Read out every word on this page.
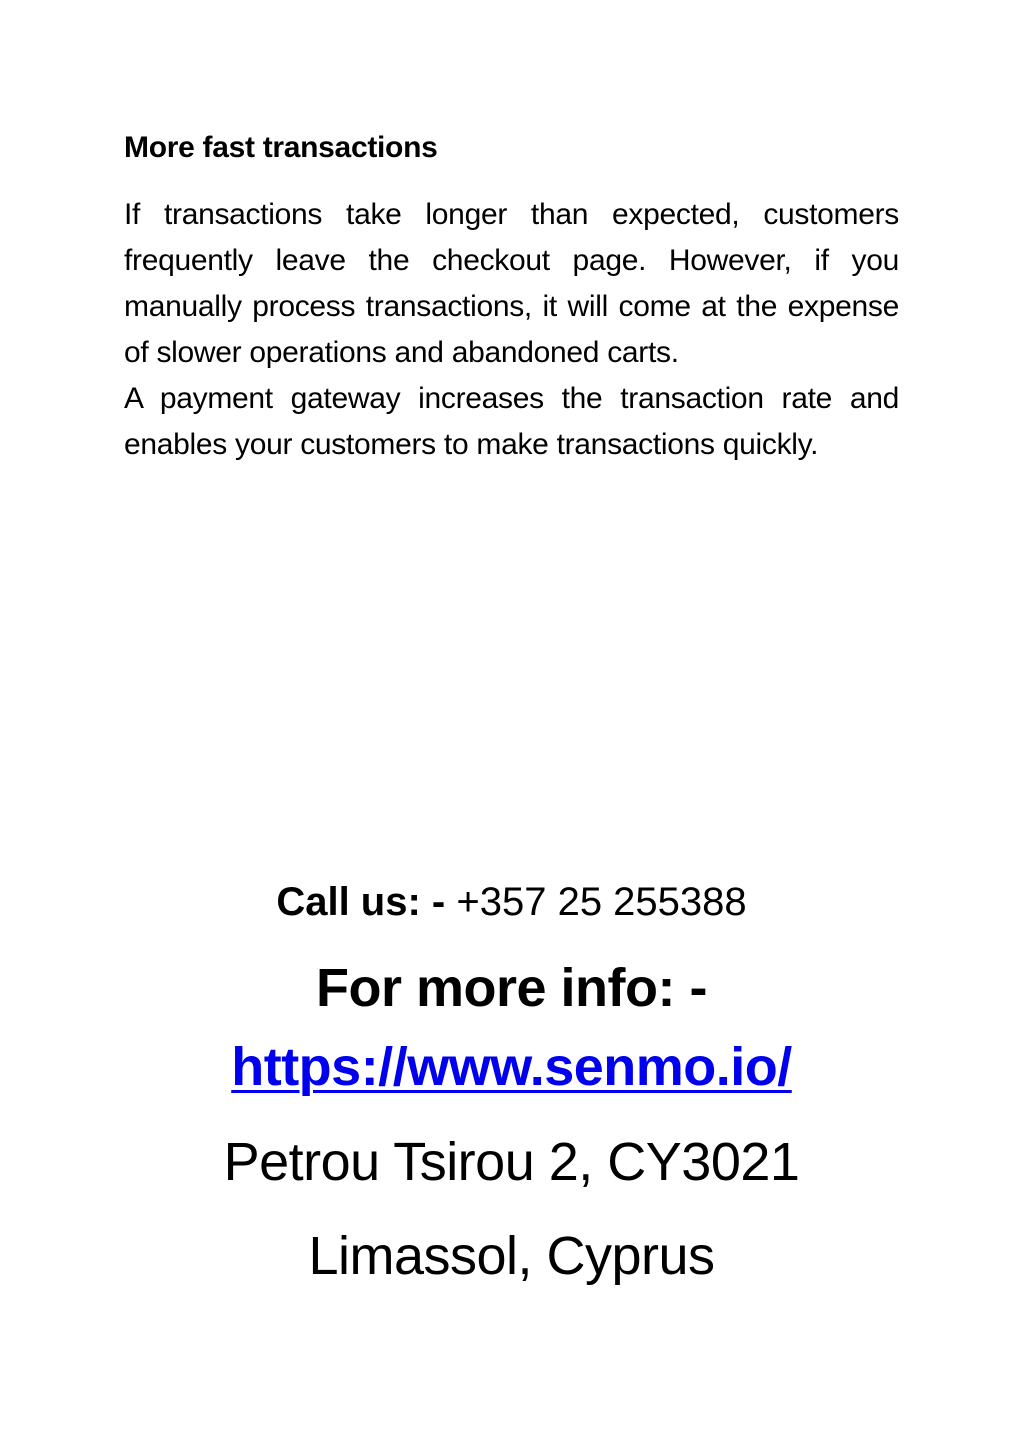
More fast transactions

If transactions take longer than expected, customers frequently leave the checkout page. However, if you manually process transactions, it will come at the expense of slower operations and abandoned carts.

A payment gateway increases the transaction rate and enables your customers to make transactions quickly.

Call us: - +357 25 255388

For more info: -

https://www.senmo.io/

Petrou Tsirou 2, CY3021

Limassol, Cyprus
